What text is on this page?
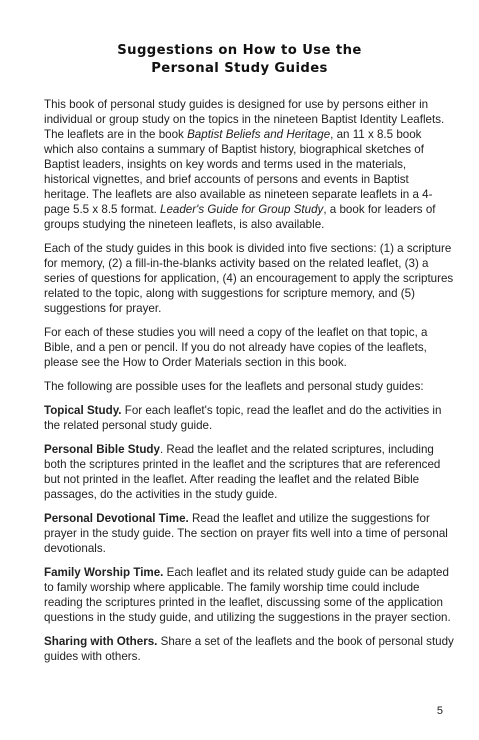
Suggestions on How to Use the
Personal Study Guides

This book of personal study guides is designed for use by persons either in individual or group study on the topics in the nineteen Baptist Identity Leaflets. The leaflets are in the book Baptist Beliefs and Heritage, an 11 x 8.5 book which also contains a summary of Baptist history, biographical sketches of Baptist leaders, insights on key words and terms used in the materials, historical vignettes, and brief accounts of persons and events in Baptist heritage. The leaflets are also available as nineteen separate leaflets in a 4-page 5.5 x 8.5 format. Leader's Guide for Group Study, a book for leaders of groups studying the nineteen leaflets, is also available.

Each of the study guides in this book is divided into five sections: (1) a scripture for memory, (2) a fill-in-the-blanks activity based on the related leaflet, (3) a series of questions for application, (4) an encouragement to apply the scriptures related to the topic, along with suggestions for scripture memory, and (5) suggestions for prayer.

For each of these studies you will need a copy of the leaflet on that topic, a Bible, and a pen or pencil. If you do not already have copies of the leaflets, please see the How to Order Materials section in this book.

The following are possible uses for the leaflets and personal study guides:

Topical Study. For each leaflet's topic, read the leaflet and do the activities in the related personal study guide.

Personal Bible Study. Read the leaflet and the related scriptures, including both the scriptures printed in the leaflet and the scriptures that are referenced but not printed in the leaflet. After reading the leaflet and the related Bible passages, do the activities in the study guide.

Personal Devotional Time. Read the leaflet and utilize the suggestions for prayer in the study guide. The section on prayer fits well into a time of personal devotionals.

Family Worship Time. Each leaflet and its related study guide can be adapted to family worship where applicable. The family worship time could include reading the scriptures printed in the leaflet, discussing some of the application questions in the study guide, and utilizing the suggestions in the prayer section.

Sharing with Others. Share a set of the leaflets and the book of personal study guides with others.

5
